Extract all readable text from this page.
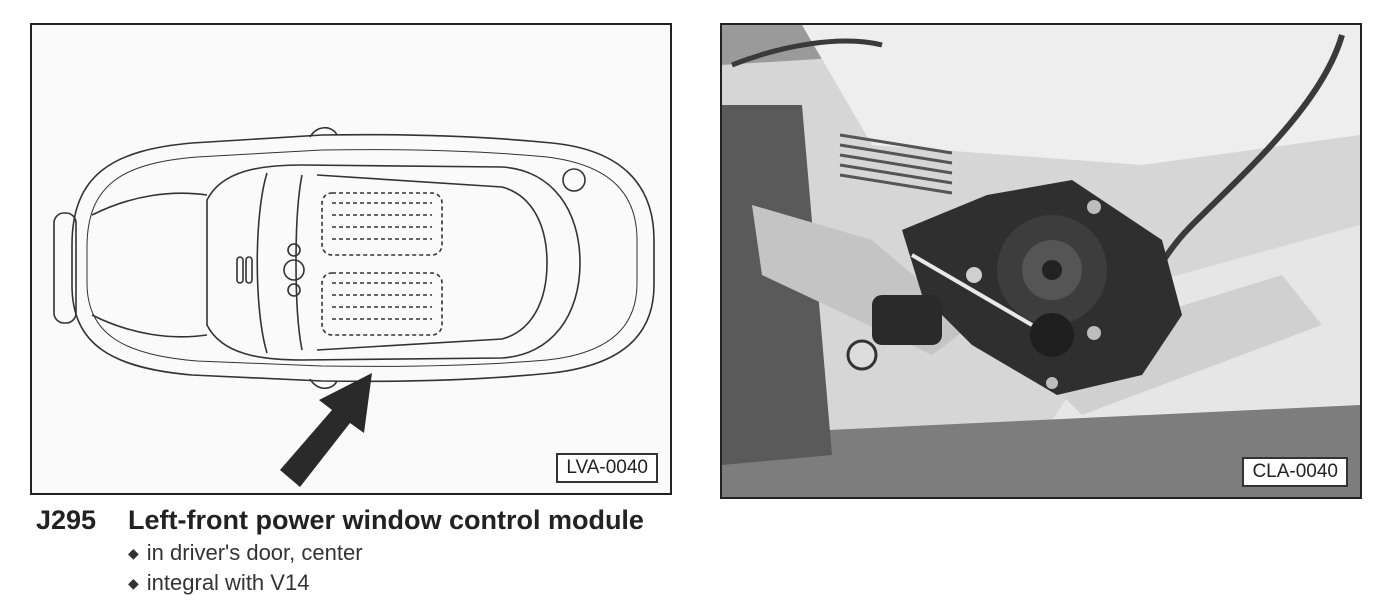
LVA-0040	CLA-0040
J295 Left-front power window control module
◆ in driver's door, center
◆ integral with V14
